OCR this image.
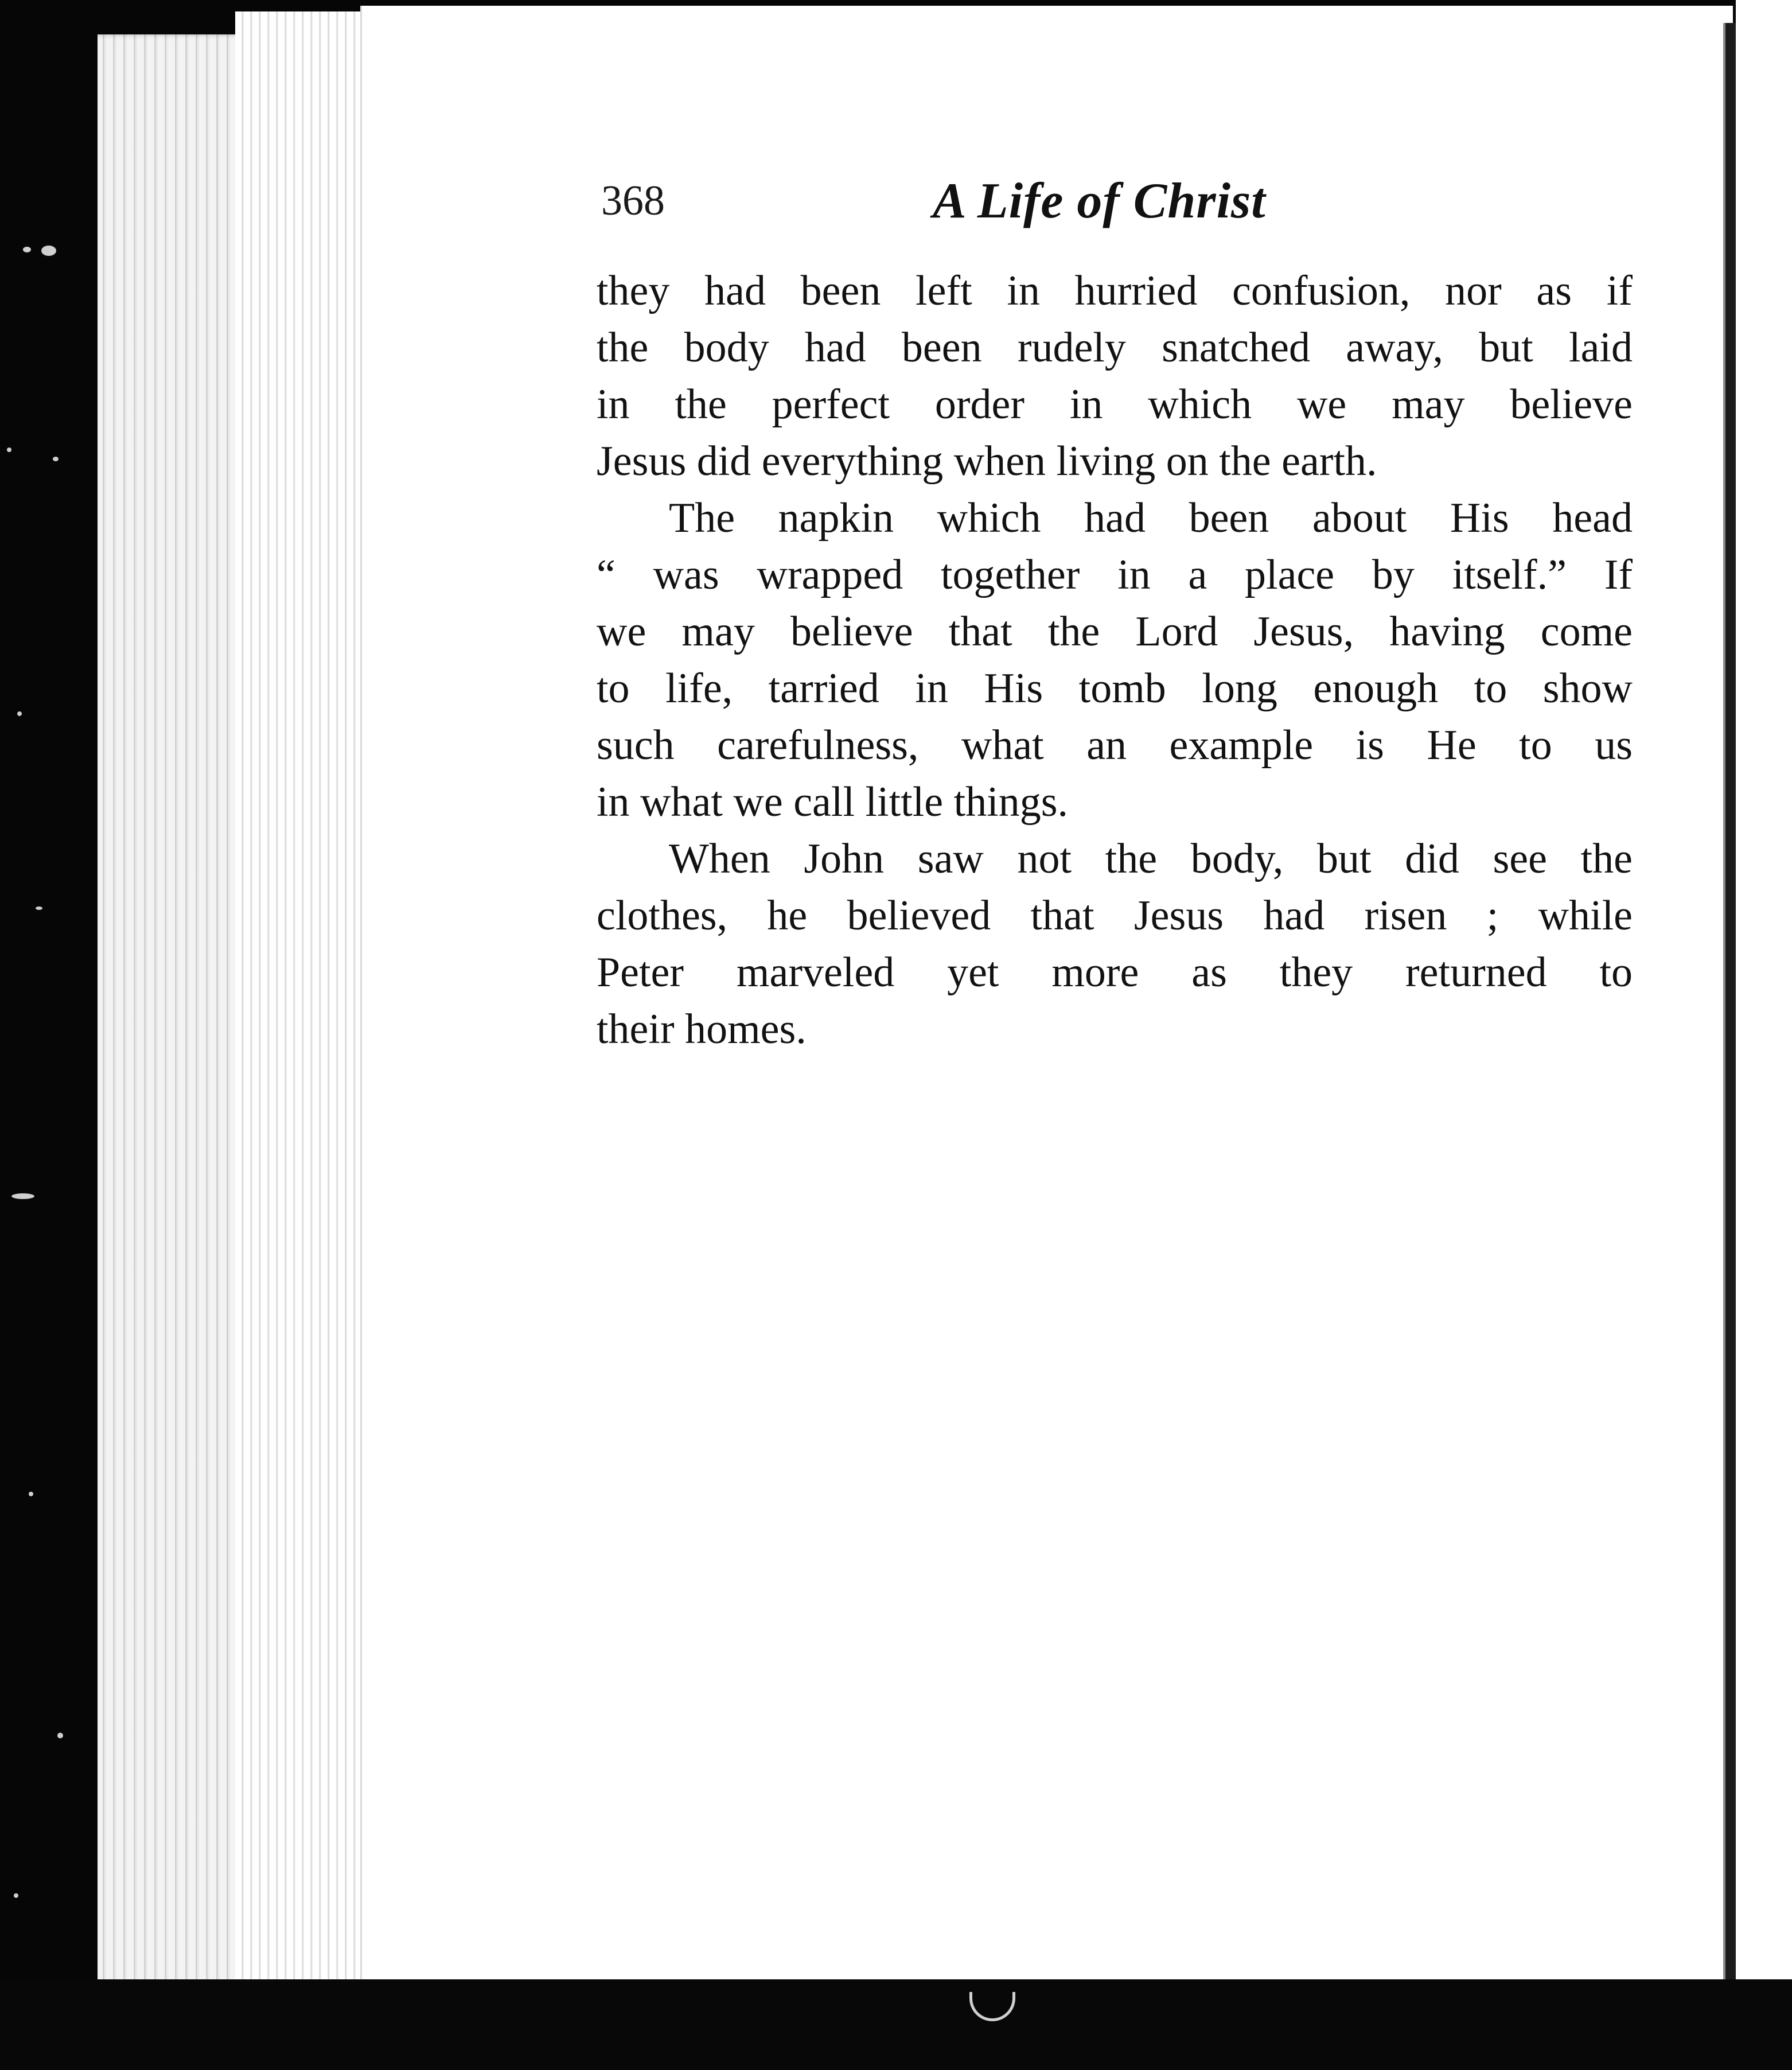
368	A Life of Christ
they had been left in hurried confusion, nor as if
the body had been rudely snatched away, but laid
in the perfect order in which we may believe
Jesus did everything when living on the earth.
The napkin which had been about His head
“ was wrapped together in a place by itself.” If
we may believe that the Lord Jesus, having come
to life, tarried in His tomb long enough to show
such carefulness, what an example is He to us
in what we call little things.
When John saw not the body, but did see the
clothes, he believed that Jesus had risen ; while
Peter marveled yet more as they returned to
their homes.
